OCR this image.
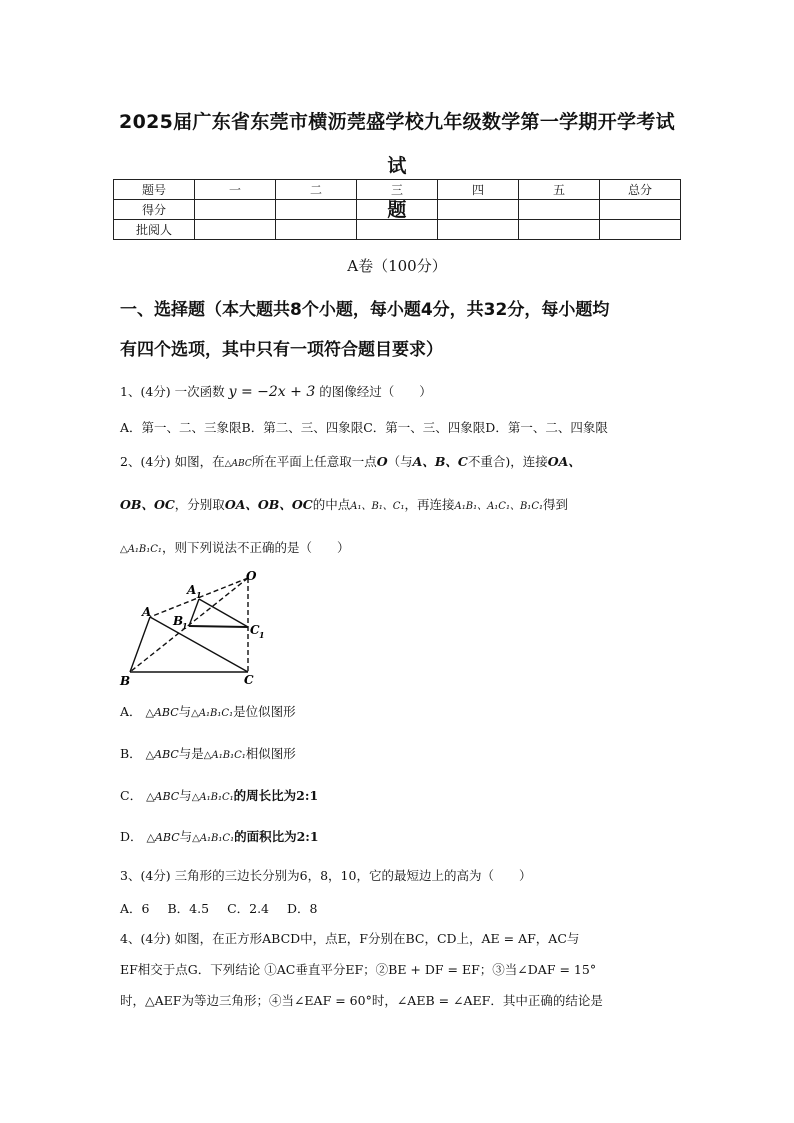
2025届广东省东莞市横沥莞盛学校九年级数学第一学期开学考试试
题
题号	一	二	三	四	五	总分
得分						
批阅人						
A卷（100分）
一、选择题（本大题共8个小题，每小题4分，共32分，每小题均
有四个选项，其中只有一项符合题目要求）
1、(4分) 一次函数 y = −2x + 3 的图像经过（　　）
A．第一、二、三象限B．第二、三、四象限C．第一、三、四象限D．第一、二、四象限
2、(4分) 如图，在△ABC所在平面上任意取一点O（与A、B、C不重合)，连接OA、
OB、OC，分别取OA、OB、OC的中点A₁、B₁、C₁，再连接A₁B₁、A₁C₁、B₁C₁得到
△A₁B₁C₁，则下列说法不正确的是（　　）
O
A 1
B
1	C 1
A
B	C
A． △ABC与△A₁B₁C₁是位似图形
B． △ABC与是△A₁B₁C₁相似图形
C． △ABC与△A₁B₁C₁的周长比为2:1
D． △ABC与△A₁B₁C₁的面积比为2:1
3、(4分) 三角形的三边长分别为6，8，10，它的最短边上的高为（　　）
A．6 B．4.5 C．2.4 D．8
4、(4分) 如图，在正方形ABCD中，点E，F分别在BC，CD上，AE = AF，AC与
EF相交于点G．下列结论 ①AC垂直平分EF；②BE + DF = EF；③当∠DAF = 15°
时，△AEF为等边三角形；④当∠EAF = 60°时，∠AEB = ∠AEF．其中正确的结论是
